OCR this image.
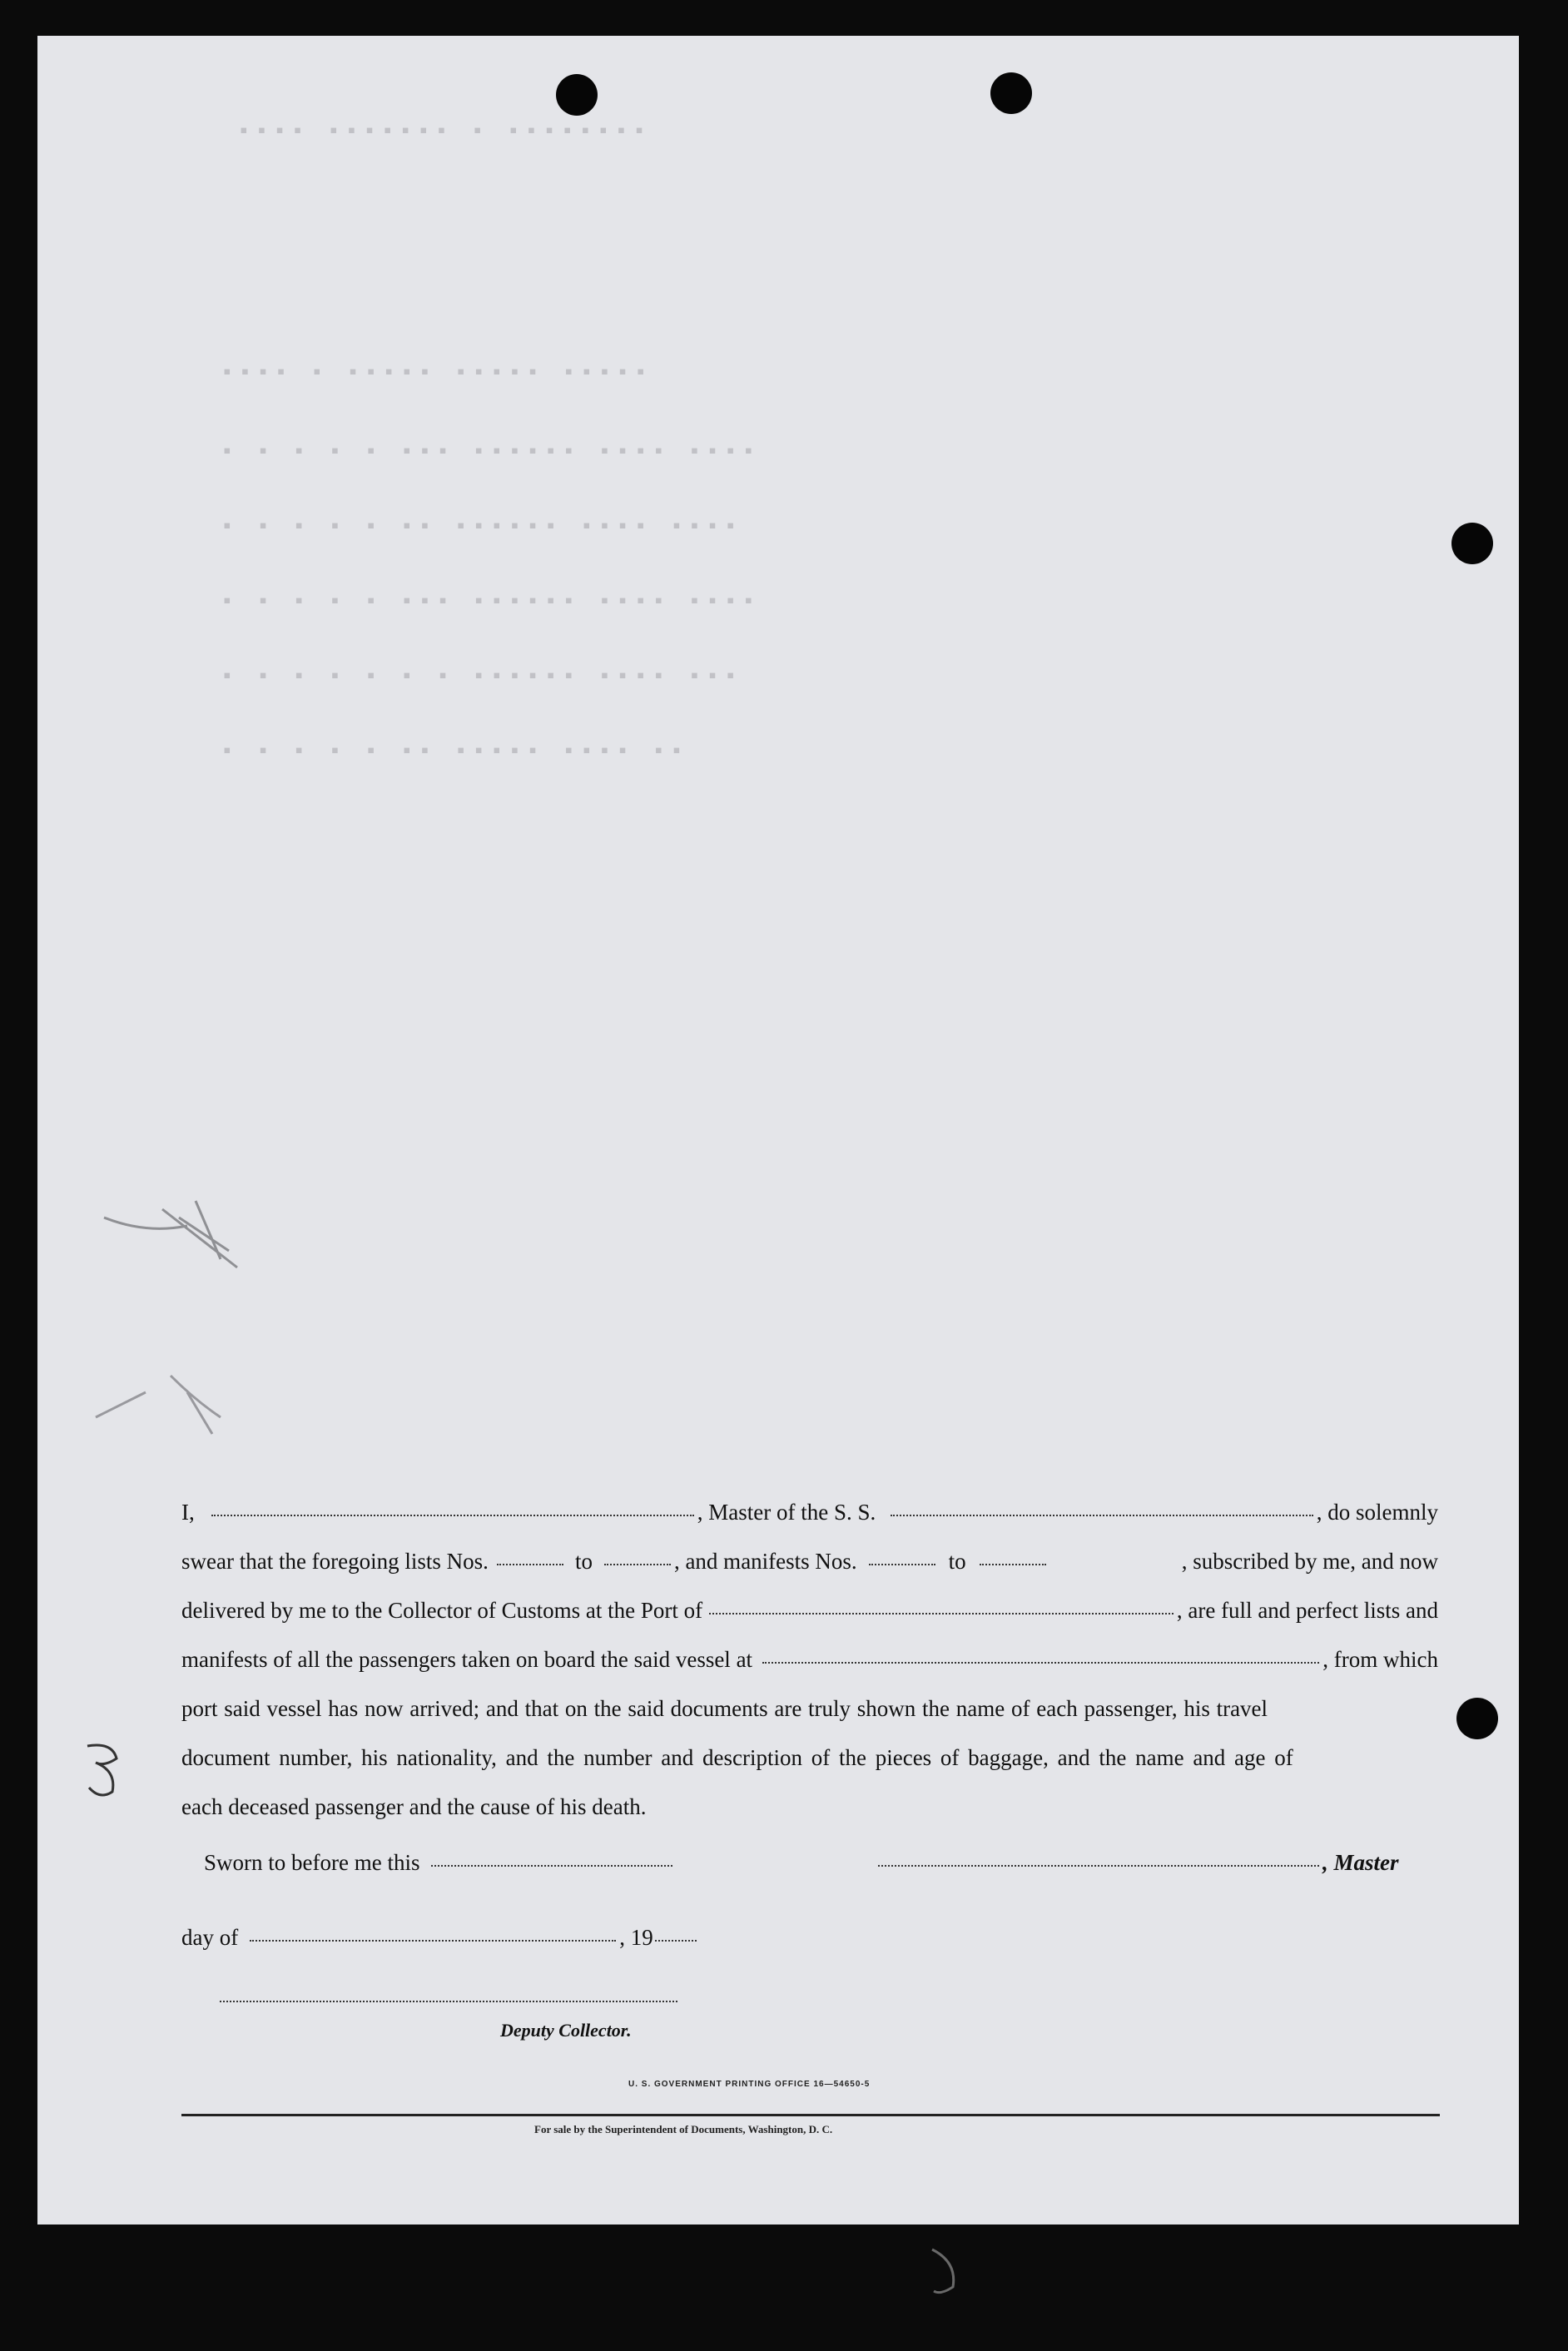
▪▪▪▪ ▪▪▪▪▪▪▪ ▪ ▪▪▪▪▪▪▪▪
▪▪▪▪ ▪ ▪▪▪▪▪ ▪▪▪▪▪ ▪▪▪▪▪
▪ ▪ ▪ ▪ ▪ ▪▪▪ ▪▪▪▪▪▪ ▪▪▪▪ ▪▪▪▪
▪ ▪ ▪ ▪ ▪ ▪▪ ▪▪▪▪▪▪ ▪▪▪▪ ▪▪▪▪
▪ ▪ ▪ ▪ ▪ ▪▪▪ ▪▪▪▪▪▪ ▪▪▪▪ ▪▪▪▪
▪ ▪ ▪ ▪ ▪ ▪ ▪ ▪▪▪▪▪▪ ▪▪▪▪ ▪▪▪
▪ ▪ ▪ ▪ ▪ ▪▪ ▪▪▪▪▪ ▪▪▪▪ ▪▪
I,	, Master of the S. S.	, do solemnly
swear that the foregoing lists Nos.	to	, and manifests Nos.	to	, subscribed by me, and now
delivered by me to the Collector of Customs at the Port of	, are full and perfect lists and
manifests of all the passengers taken on board the said vessel at	, from which
port said vessel has now arrived; and that on the said documents are truly shown the name of each passenger, his travel
document number, his nationality, and the number and description of the pieces of baggage, and the name and age of
each deceased passenger and the cause of his death.
Sworn to before me this	, Master
day of	, 19
Deputy Collector.
U. S. GOVERNMENT PRINTING OFFICE 16—54650-5
For sale by the Superintendent of Documents, Washington, D. C.
